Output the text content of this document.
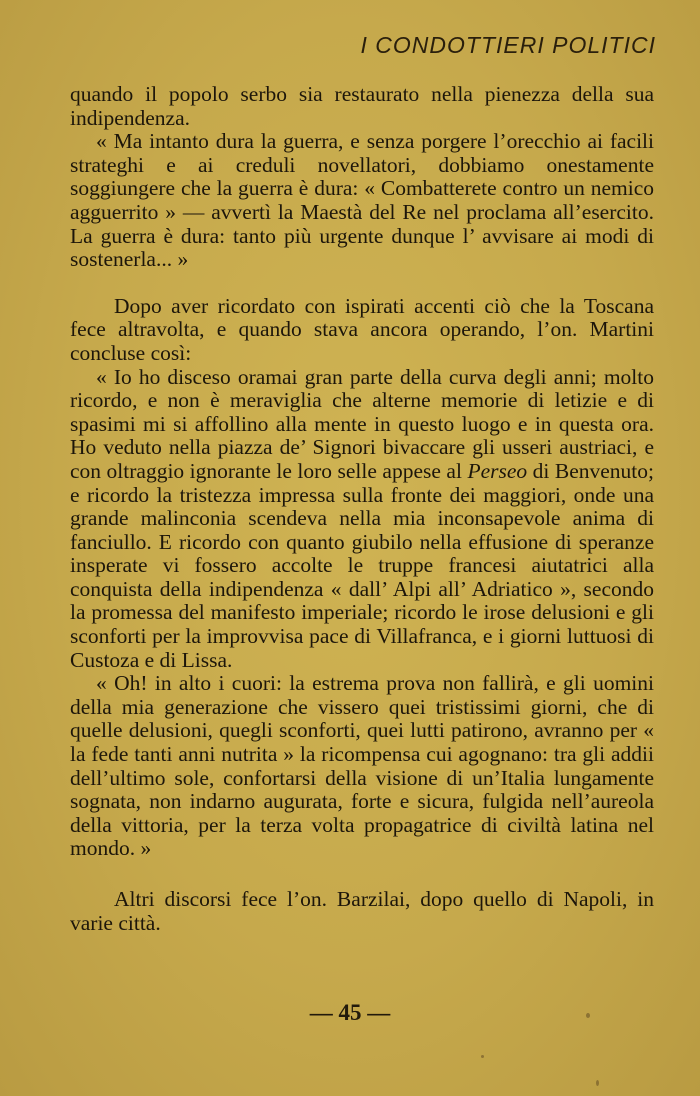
I CONDOTTIERI POLITICI

quando il popolo serbo sia restaurato nella pienezza della sua indipendenza.

« Ma intanto dura la guerra, e senza porgere l’orecchio ai facili strateghi e ai creduli novellatori, dobbiamo onestamente soggiungere che la guerra è dura: « Combatterete contro un nemico agguerrito » — avvertì la Maestà del Re nel proclama all’esercito. La guerra è dura: tanto più urgente dunque l’ avvisare ai modi di sostenerla... »

Dopo aver ricordato con ispirati accenti ciò che la Toscana fece altravolta, e quando stava ancora operando, l’on. Martini concluse così:

« Io ho disceso oramai gran parte della curva degli anni; molto ricordo, e non è meraviglia che alterne memorie di letizie e di spasimi mi si affollino alla mente in questo luogo e in questa ora. Ho veduto nella piazza de’ Signori bivaccare gli usseri austriaci, e con oltraggio ignorante le loro selle appese al Perseo di Benvenuto; e ricordo la tristezza impressa sulla fronte dei maggiori, onde una grande malinconia scendeva nella mia inconsapevole anima di fanciullo. E ricordo con quanto giubilo nella effusione di speranze insperate vi fossero accolte le truppe francesi aiutatrici alla conquista della indipendenza « dall’ Alpi all’ Adriatico », secondo la promessa del manifesto imperiale; ricordo le irose delusioni e gli sconforti per la improvvisa pace di Villafranca, e i giorni luttuosi di Custoza e di Lissa.

« Oh! in alto i cuori: la estrema prova non fallirà, e gli uomini della mia generazione che vissero quei tristissimi giorni, che di quelle delusioni, quegli sconforti, quei lutti patirono, avranno per « la fede tanti anni nutrita » la ricompensa cui agognano: tra gli addii dell’ultimo sole, confortarsi della visione di un’Italia lungamente sognata, non indarno augurata, forte e sicura, fulgida nell’aureola della vittoria, per la terza volta propagatrice di civiltà latina nel mondo. »

Altri discorsi fece l’on. Barzilai, dopo quello di Napoli, in varie città.

— 45 —
